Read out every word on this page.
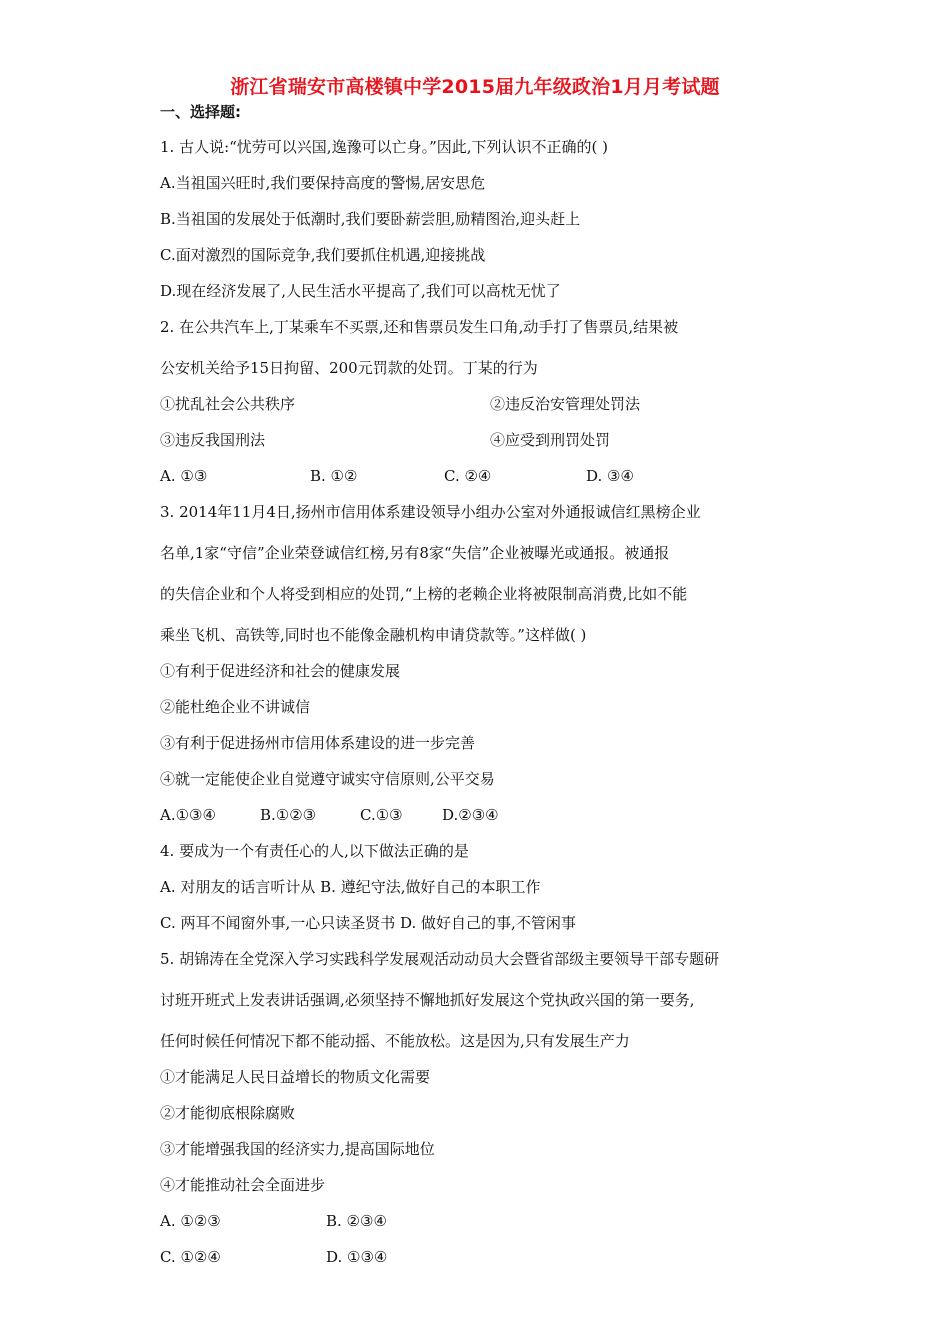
浙江省瑞安市高楼镇中学2015届九年级政治1月月考试题
一、选择题:
1. 古人说:“忧劳可以兴国,逸豫可以亡身。”因此,下列认识不正确的( )
A.当祖国兴旺时,我们要保持高度的警惕,居安思危
B.当祖国的发展处于低潮时,我们要卧薪尝胆,励精图治,迎头赶上
C.面对激烈的国际竞争,我们要抓住机遇,迎接挑战
D.现在经济发展了,人民生活水平提高了,我们可以高枕无忧了
2. 在公共汽车上,丁某乘车不买票,还和售票员发生口角,动手打了售票员,结果被
公安机关给予15日拘留、200元罚款的处罚。丁某的行为
①扰乱社会公共秩序	②违反治安管理处罚法
③违反我国刑法	④应受到刑罚处罚
A. ①③	B. ①②	C. ②④	D. ③④
3. 2014年11月4日,扬州市信用体系建设领导小组办公室对外通报诚信红黑榜企业
名单,1家“守信”企业荣登诚信红榜,另有8家“失信”企业被曝光或通报。被通报
的失信企业和个人将受到相应的处罚,“上榜的老赖企业将被限制高消费,比如不能
乘坐飞机、高铁等,同时也不能像金融机构申请贷款等。”这样做( )
①有利于促进经济和社会的健康发展
②能杜绝企业不讲诚信
③有利于促进扬州市信用体系建设的进一步完善
④就一定能使企业自觉遵守诚实守信原则,公平交易
A.①③④	B.①②③	C.①③	D.②③④
4. 要成为一个有责任心的人,以下做法正确的是
A. 对朋友的话言听计从 B. 遵纪守法,做好自己的本职工作
C. 两耳不闻窗外事,一心只读圣贤书 D. 做好自己的事,不管闲事
5. 胡锦涛在全党深入学习实践科学发展观活动动员大会暨省部级主要领导干部专题研
讨班开班式上发表讲话强调,必须坚持不懈地抓好发展这个党执政兴国的第一要务,
任何时候任何情况下都不能动摇、不能放松。这是因为,只有发展生产力
①才能满足人民日益增长的物质文化需要
②才能彻底根除腐败
③才能增强我国的经济实力,提高国际地位
④才能推动社会全面进步
A. ①②③	B. ②③④
C. ①②④	D. ①③④
